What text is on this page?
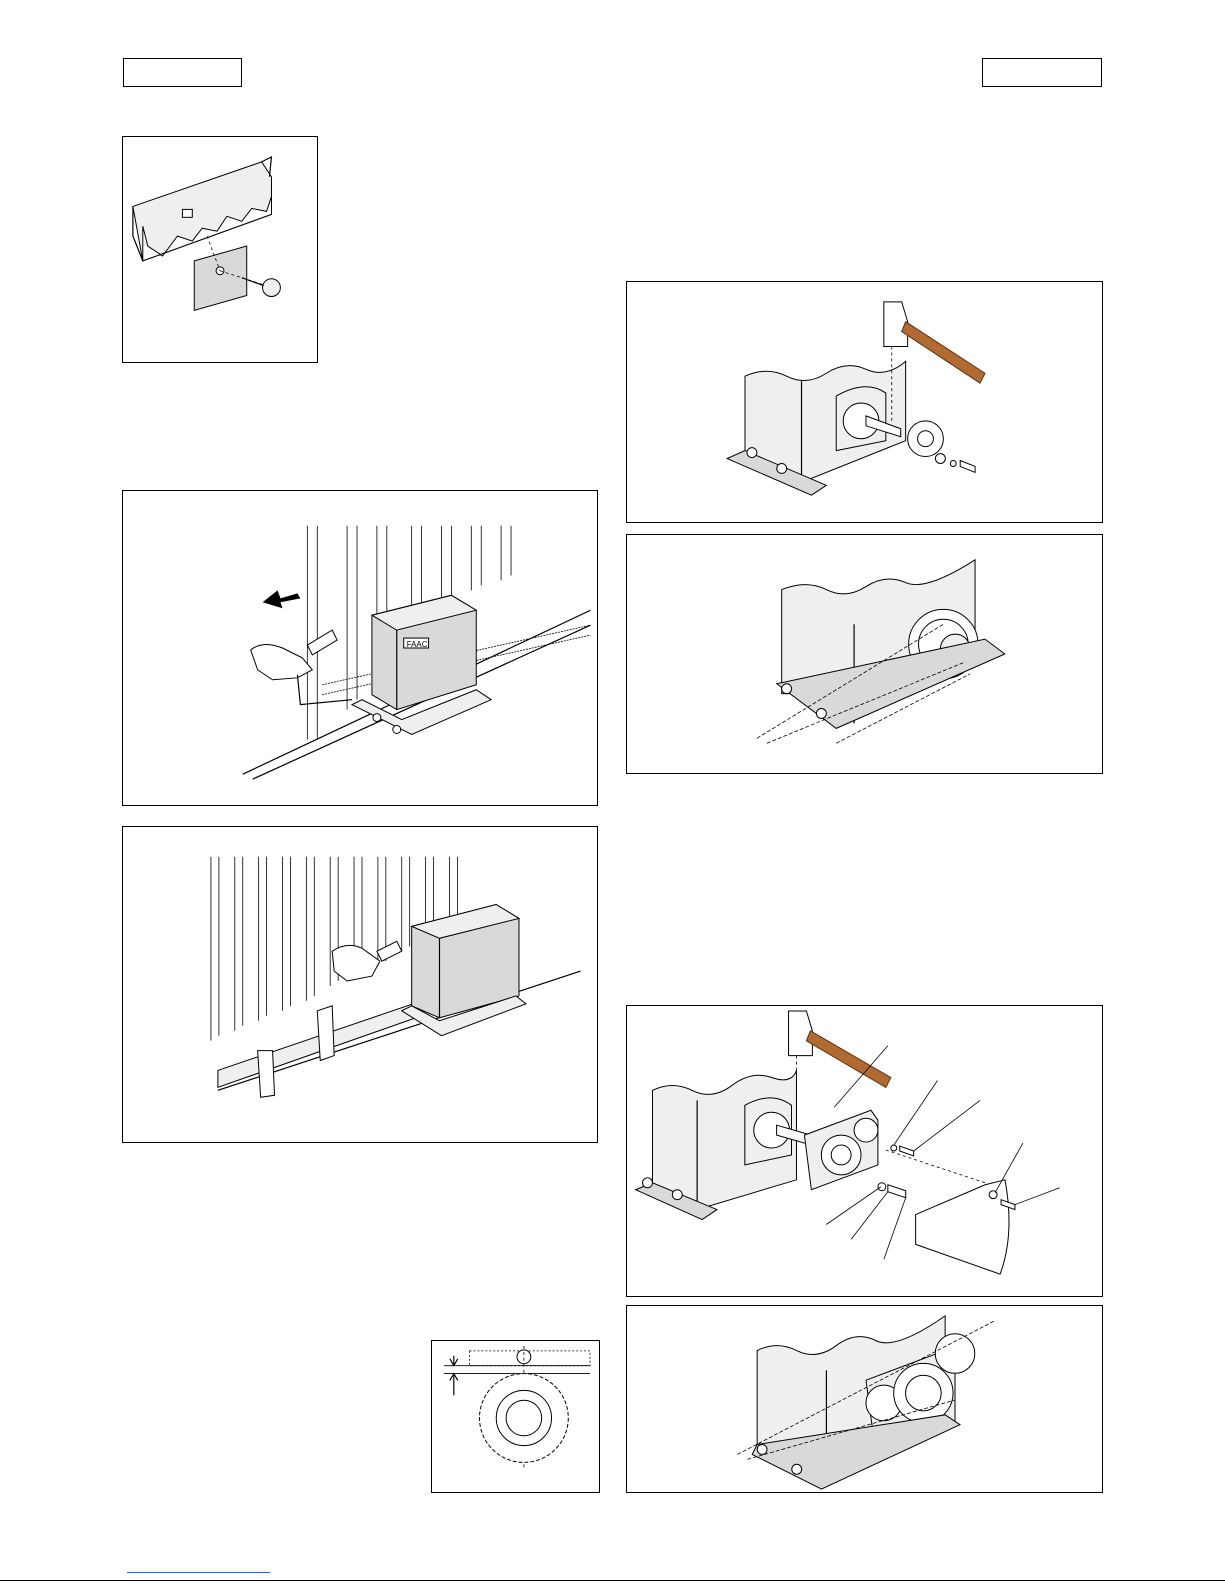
FAAC
